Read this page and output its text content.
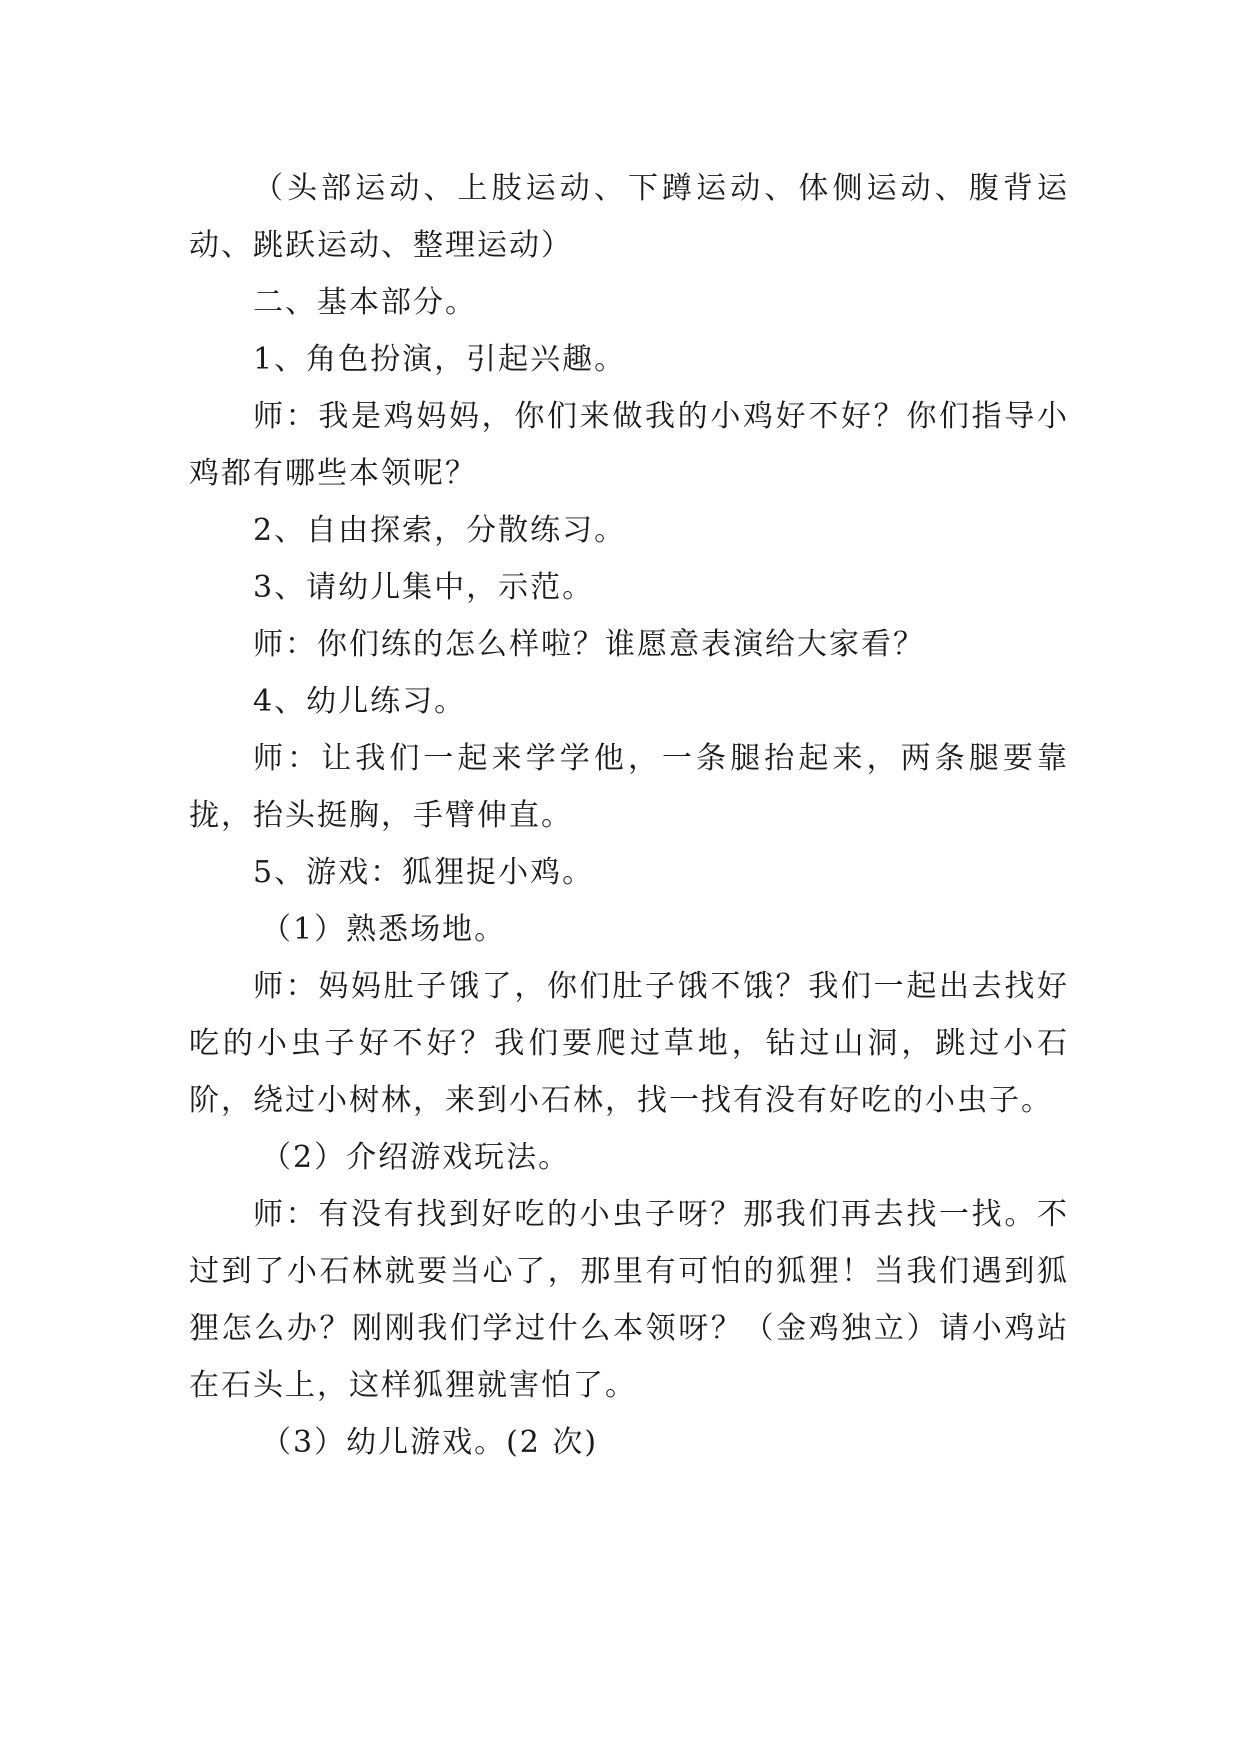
（头部运动、上肢运动、下蹲运动、体侧运动、腹背运动、跳跃运动、整理运动）

二、基本部分。

1、角色扮演，引起兴趣。

师：我是鸡妈妈，你们来做我的小鸡好不好？你们指导小鸡都有哪些本领呢？

2、自由探索，分散练习。

3、请幼儿集中，示范。

师：你们练的怎么样啦？谁愿意表演给大家看？

4、幼儿练习。

师：让我们一起来学学他，一条腿抬起来，两条腿要靠拢，抬头挺胸，手臂伸直。

5、游戏：狐狸捉小鸡。

（1）熟悉场地。

师：妈妈肚子饿了，你们肚子饿不饿？我们一起出去找好吃的小虫子好不好？我们要爬过草地，钻过山洞，跳过小石阶，绕过小树林，来到小石林，找一找有没有好吃的小虫子。

（2）介绍游戏玩法。

师：有没有找到好吃的小虫子呀？那我们再去找一找。不过到了小石林就要当心了，那里有可怕的狐狸！当我们遇到狐狸怎么办？刚刚我们学过什么本领呀？（金鸡独立）请小鸡站在石头上，这样狐狸就害怕了。

（3）幼儿游戏。(2 次)
